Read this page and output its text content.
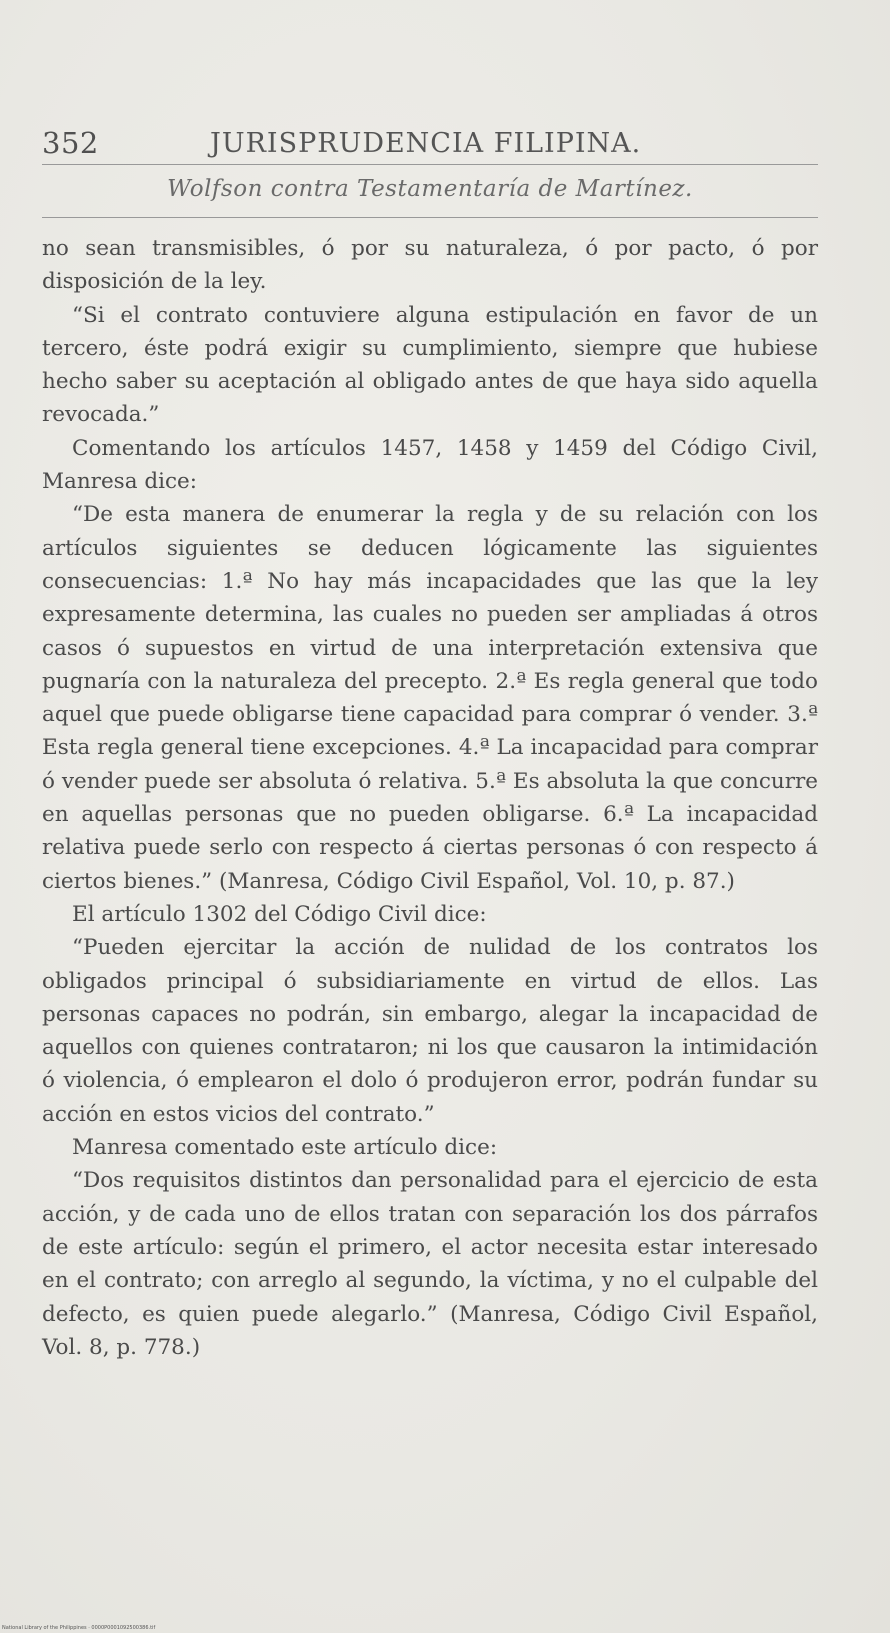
352	JURISPRUDENCIA FILIPINA.
Wolfson contra Testamentaría de Martínez.

no sean transmisibles, ó por su naturaleza, ó por pacto, ó por disposición de la ley.

“Si el contrato contuviere alguna estipulación en favor de un tercero, éste podrá exigir su cumplimiento, siempre que hubiese hecho saber su aceptación al obligado antes de que haya sido aquella revocada.”

Comentando los artículos 1457, 1458 y 1459 del Código Civil, Manresa dice:

“De esta manera de enumerar la regla y de su relación con los artículos siguientes se deducen lógicamente las siguientes consecuencias: 1.ª No hay más incapacidades que las que la ley expresamente determina, las cuales no pueden ser ampliadas á otros casos ó supuestos en virtud de una interpretación extensiva que pugnaría con la naturaleza del precepto. 2.ª Es regla general que todo aquel que puede obligarse tiene capacidad para comprar ó vender. 3.ª Esta regla general tiene excepciones. 4.ª La incapacidad para comprar ó vender puede ser absoluta ó relativa. 5.ª Es absoluta la que concurre en aquellas personas que no pueden obligarse. 6.ª La incapacidad relativa puede serlo con respecto á ciertas personas ó con respecto á ciertos bienes.” (Manresa, Código Civil Español, Vol. 10, p. 87.)

El artículo 1302 del Código Civil dice:

“Pueden ejercitar la acción de nulidad de los contratos los obligados principal ó subsidiariamente en virtud de ellos. Las personas capaces no podrán, sin embargo, alegar la incapacidad de aquellos con quienes contrataron; ni los que causaron la intimidación ó violencia, ó emplearon el dolo ó produjeron error, podrán fundar su acción en estos vicios del contrato.”

Manresa comentado este artículo dice:

“Dos requisitos distintos dan personalidad para el ejercicio de esta acción, y de cada uno de ellos tratan con separación los dos párrafos de este artículo: según el primero, el actor necesita estar interesado en el contrato; con arreglo al segundo, la víctima, y no el culpable del defecto, es quien puede alegarlo.” (Manresa, Código Civil Español, Vol. 8, p. 778.)

National Library of the Philippines · 0000P0001092500386.tif
